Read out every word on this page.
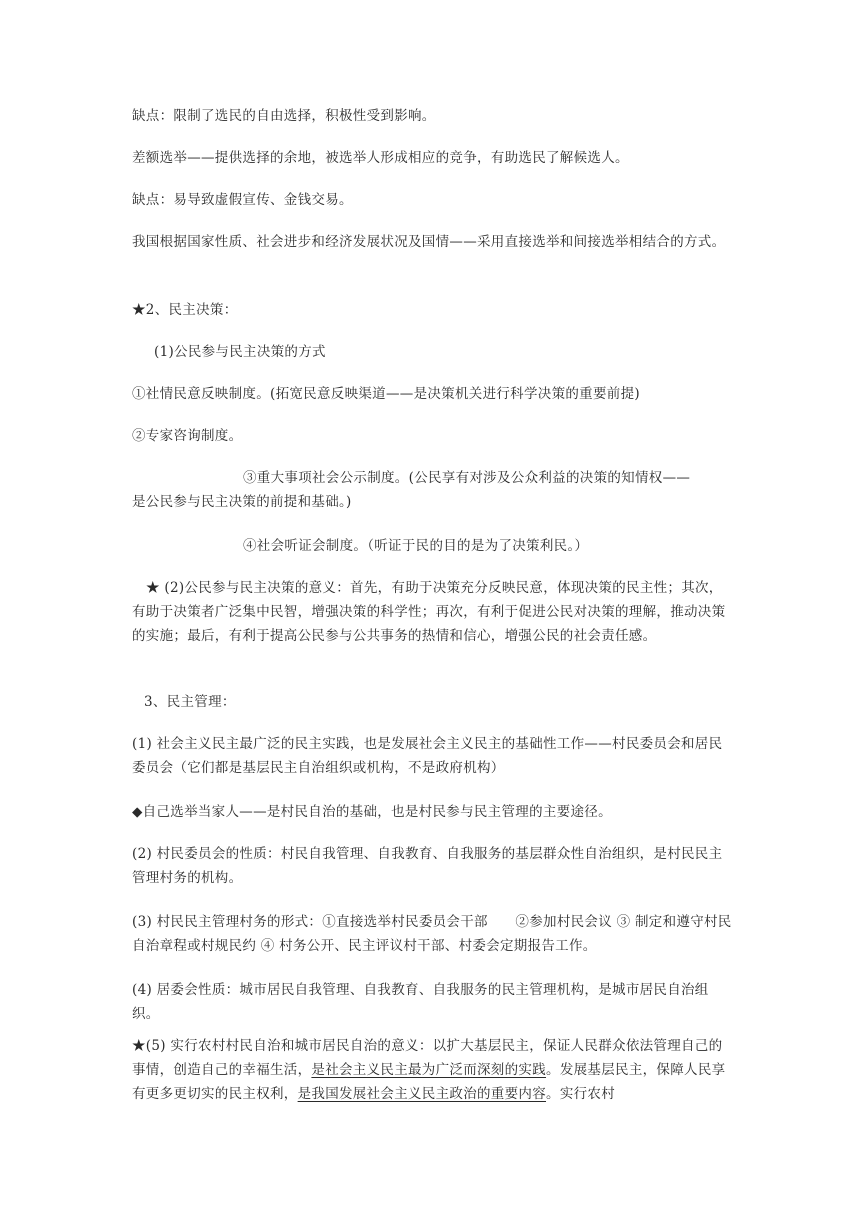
缺点：限制了选民的自由选择，积极性受到影响。

差额选举——提供选择的余地，被选举人形成相应的竞争，有助选民了解候选人。

缺点：易导致虚假宣传、金钱交易。

我国根据国家性质、社会进步和经济发展状况及国情——采用直接选举和间接选举相结合的方式。

★2、民主决策：

(1)公民参与民主决策的方式

①社情民意反映制度。(拓宽民意反映渠道——是决策机关进行科学决策的重要前提)

②专家咨询制度。

③重大事项社会公示制度。(公民享有对涉及公众利益的决策的知情权——
是公民参与民主决策的前提和基础。)

④社会听证会制度。（听证于民的目的是为了决策利民。）

★ (2)公民参与民主决策的意义：首先，有助于决策充分反映民意，体现决策的民主性；其次，有助于决策者广泛集中民智，增强决策的科学性；再次，有利于促进公民对决策的理解，推动决策的实施；最后，有利于提高公民参与公共事务的热情和信心，增强公民的社会责任感。

3、民主管理：

(1) 社会主义民主最广泛的民主实践，也是发展社会主义民主的基础性工作——村民委员会和居民委员会（它们都是基层民主自治组织或机构，不是政府机构）

◆自己选举当家人——是村民自治的基础，也是村民参与民主管理的主要途径。

(2) 村民委员会的性质：村民自我管理、自我教育、自我服务的基层群众性自治组织，是村民民主管理村务的机构。

(3) 村民民主管理村务的形式：①直接选举村民委员会干部　　②参加村民会议 ③ 制定和遵守村民自治章程或村规民约 ④ 村务公开、民主评议村干部、村委会定期报告工作。

(4) 居委会性质：城市居民自我管理、自我教育、自我服务的民主管理机构，是城市居民自治组织。

★(5) 实行农村村民自治和城市居民自治的意义：以扩大基层民主，保证人民群众依法管理自己的事情，创造自己的幸福生活，是社会主义民主最为广泛而深刻的实践。发展基层民主，保障人民享有更多更切实的民主权利，是我国发展社会主义民主政治的重要内容。实行农村
